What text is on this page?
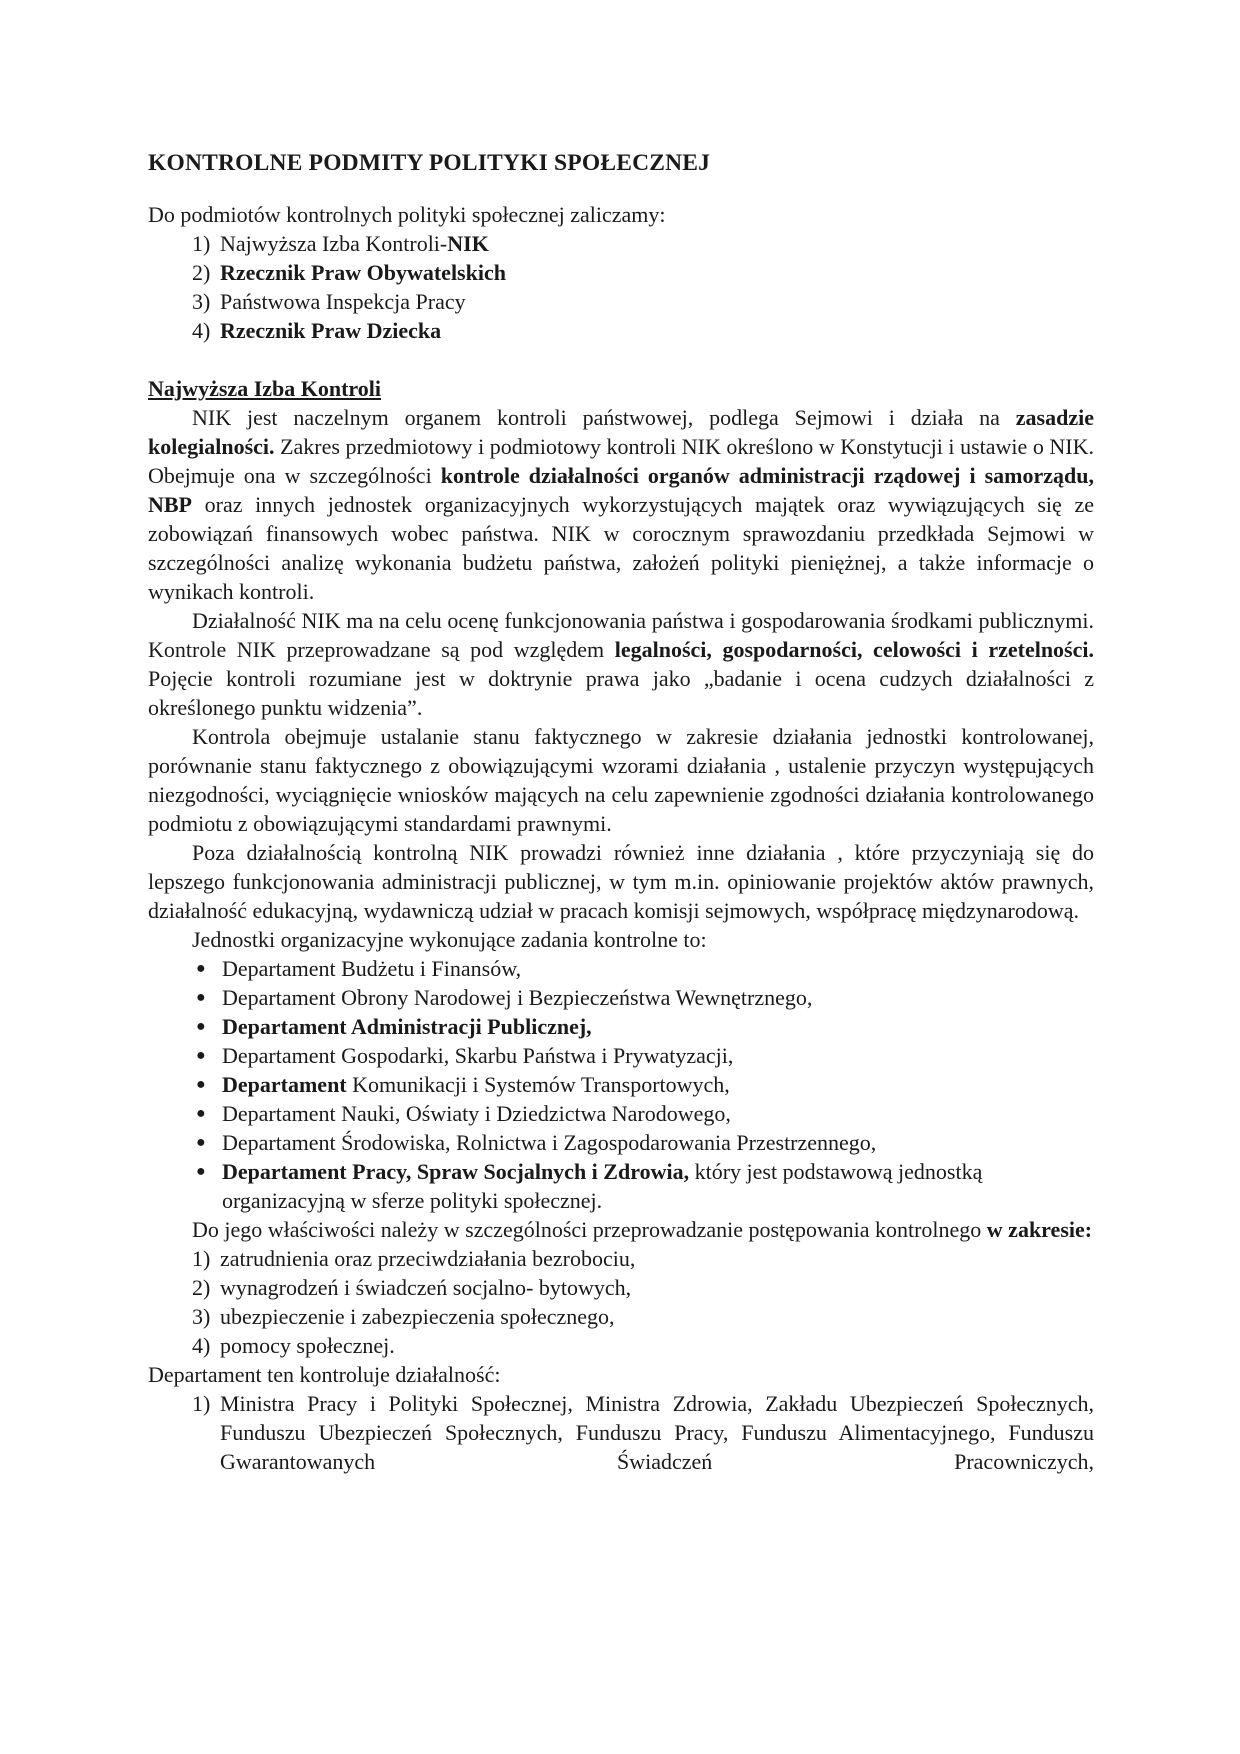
KONTROLNE PODMITY POLITYKI SPOŁECZNEJ

Do podmiotów kontrolnych polityki społecznej zaliczamy:

1) Najwyższa Izba Kontroli-NIK
2) Rzecznik Praw Obywatelskich
3) Państwowa Inspekcja Pracy
4) Rzecznik Praw Dziecka

Najwyższa Izba Kontroli

NIK jest naczelnym organem kontroli państwowej, podlega Sejmowi i działa na zasadzie kolegialności. Zakres przedmiotowy i podmiotowy kontroli NIK określono w Konstytucji i ustawie o NIK. Obejmuje ona w szczególności kontrole działalności organów administracji rządowej i samorządu, NBP oraz innych jednostek organizacyjnych wykorzystujących majątek oraz wywiązujących się ze zobowiązań finansowych wobec państwa. NIK w corocznym sprawozdaniu przedkłada Sejmowi w szczególności analizę wykonania budżetu państwa, założeń polityki pieniężnej, a także informacje o wynikach kontroli.

Działalność NIK ma na celu ocenę funkcjonowania państwa i gospodarowania środkami publicznymi. Kontrole NIK przeprowadzane są pod względem legalności, gospodarności, celowości i rzetelności. Pojęcie kontroli rozumiane jest w doktrynie prawa jako „badanie i ocena cudzych działalności z określonego punktu widzenia”.

Kontrola obejmuje ustalanie stanu faktycznego w zakresie działania jednostki kontrolowanej, porównanie stanu faktycznego z obowiązującymi wzorami działania , ustalenie przyczyn występujących niezgodności, wyciągnięcie wniosków mających na celu zapewnienie zgodności działania kontrolowanego podmiotu z obowiązującymi standardami prawnymi.

Poza działalnością kontrolną NIK prowadzi również inne działania , które przyczyniają się do lepszego funkcjonowania administracji publicznej, w tym m.in. opiniowanie projektów aktów prawnych, działalność edukacyjną, wydawniczą udział w pracach komisji sejmowych, współpracę międzynarodową.

Jednostki organizacyjne wykonujące zadania kontrolne to:

● Departament Budżetu i Finansów,
● Departament Obrony Narodowej i Bezpieczeństwa Wewnętrznego,
● Departament Administracji Publicznej,
● Departament Gospodarki, Skarbu Państwa i Prywatyzacji,
● Departament Komunikacji i Systemów Transportowych,
● Departament Nauki, Oświaty i Dziedzictwa Narodowego,
● Departament Środowiska, Rolnictwa i Zagospodarowania Przestrzennego,
● Departament Pracy, Spraw Socjalnych i Zdrowia, który jest podstawową jednostką organizacyjną w sferze polityki społecznej.

Do jego właściwości należy w szczególności przeprowadzanie postępowania kontrolnego w zakresie:

1) zatrudnienia oraz przeciwdziałania bezrobociu,
2) wynagrodzeń i świadczeń socjalno- bytowych,
3) ubezpieczenie i zabezpieczenia społecznego,
4) pomocy społecznej.

Departament ten kontroluje działalność:

1) Ministra Pracy i Polityki Społecznej, Ministra Zdrowia, Zakładu Ubezpieczeń Społecznych, Funduszu Ubezpieczeń Społecznych, Funduszu Pracy, Funduszu Alimentacyjnego, Funduszu Gwarantowanych Świadczeń Pracowniczych,
